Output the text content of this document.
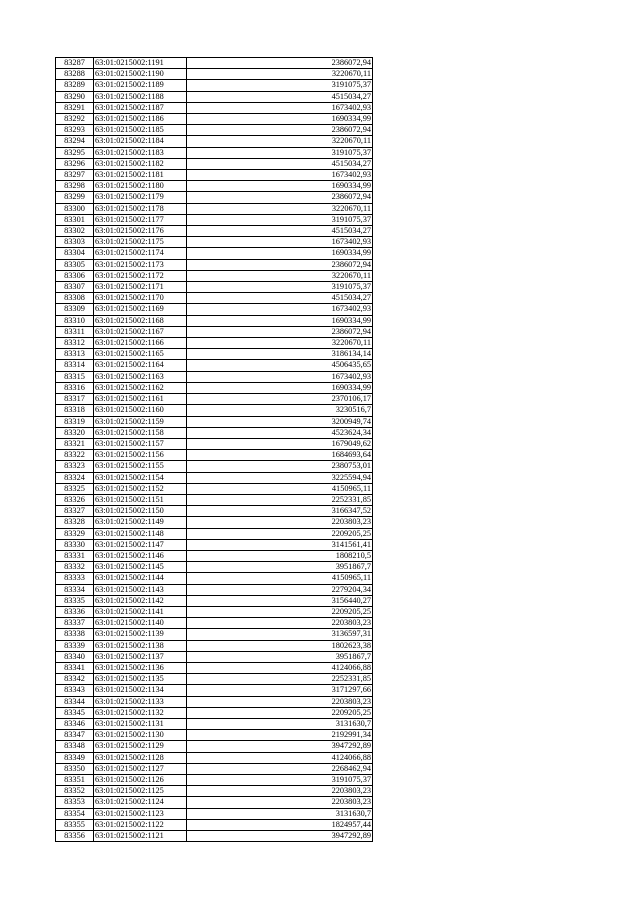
83287	63:01:0215002:1191	2386072,94
83288	63:01:0215002:1190	3220670,11
83289	63:01:0215002:1189	3191075,37
83290	63:01:0215002:1188	4515034,27
83291	63:01:0215002:1187	1673402,93
83292	63:01:0215002:1186	1690334,99
83293	63:01:0215002:1185	2386072,94
83294	63:01:0215002:1184	3220670,11
83295	63:01:0215002:1183	3191075,37
83296	63:01:0215002:1182	4515034,27
83297	63:01:0215002:1181	1673402,93
83298	63:01:0215002:1180	1690334,99
83299	63:01:0215002:1179	2386072,94
83300	63:01:0215002:1178	3220670,11
83301	63:01:0215002:1177	3191075,37
83302	63:01:0215002:1176	4515034,27
83303	63:01:0215002:1175	1673402,93
83304	63:01:0215002:1174	1690334,99
83305	63:01:0215002:1173	2386072,94
83306	63:01:0215002:1172	3220670,11
83307	63:01:0215002:1171	3191075,37
83308	63:01:0215002:1170	4515034,27
83309	63:01:0215002:1169	1673402,93
83310	63:01:0215002:1168	1690334,99
83311	63:01:0215002:1167	2386072,94
83312	63:01:0215002:1166	3220670,11
83313	63:01:0215002:1165	3186134,14
83314	63:01:0215002:1164	4506435,65
83315	63:01:0215002:1163	1673402,93
83316	63:01:0215002:1162	1690334,99
83317	63:01:0215002:1161	2370106,17
83318	63:01:0215002:1160	3230516,7
83319	63:01:0215002:1159	3200949,74
83320	63:01:0215002:1158	4523624,34
83321	63:01:0215002:1157	1679049,62
83322	63:01:0215002:1156	1684693,64
83323	63:01:0215002:1155	2380753,01
83324	63:01:0215002:1154	3225594,94
83325	63:01:0215002:1152	4150965,11
83326	63:01:0215002:1151	2252331,85
83327	63:01:0215002:1150	3166347,52
83328	63:01:0215002:1149	2203803,23
83329	63:01:0215002:1148	2209205,25
83330	63:01:0215002:1147	3141561,41
83331	63:01:0215002:1146	1808210,5
83332	63:01:0215002:1145	3951867,7
83333	63:01:0215002:1144	4150965,11
83334	63:01:0215002:1143	2279204,34
83335	63:01:0215002:1142	3156440,27
83336	63:01:0215002:1141	2209205,25
83337	63:01:0215002:1140	2203803,23
83338	63:01:0215002:1139	3136597,31
83339	63:01:0215002:1138	1802623,38
83340	63:01:0215002:1137	3951867,7
83341	63:01:0215002:1136	4124066,88
83342	63:01:0215002:1135	2252331,85
83343	63:01:0215002:1134	3171297,66
83344	63:01:0215002:1133	2203803,23
83345	63:01:0215002:1132	2209205,25
83346	63:01:0215002:1131	3131630,7
83347	63:01:0215002:1130	2192991,34
83348	63:01:0215002:1129	3947292,89
83349	63:01:0215002:1128	4124066,88
83350	63:01:0215002:1127	2268462,94
83351	63:01:0215002:1126	3191075,37
83352	63:01:0215002:1125	2203803,23
83353	63:01:0215002:1124	2203803,23
83354	63:01:0215002:1123	3131630,7
83355	63:01:0215002:1122	1824957,44
83356	63:01:0215002:1121	3947292,89
